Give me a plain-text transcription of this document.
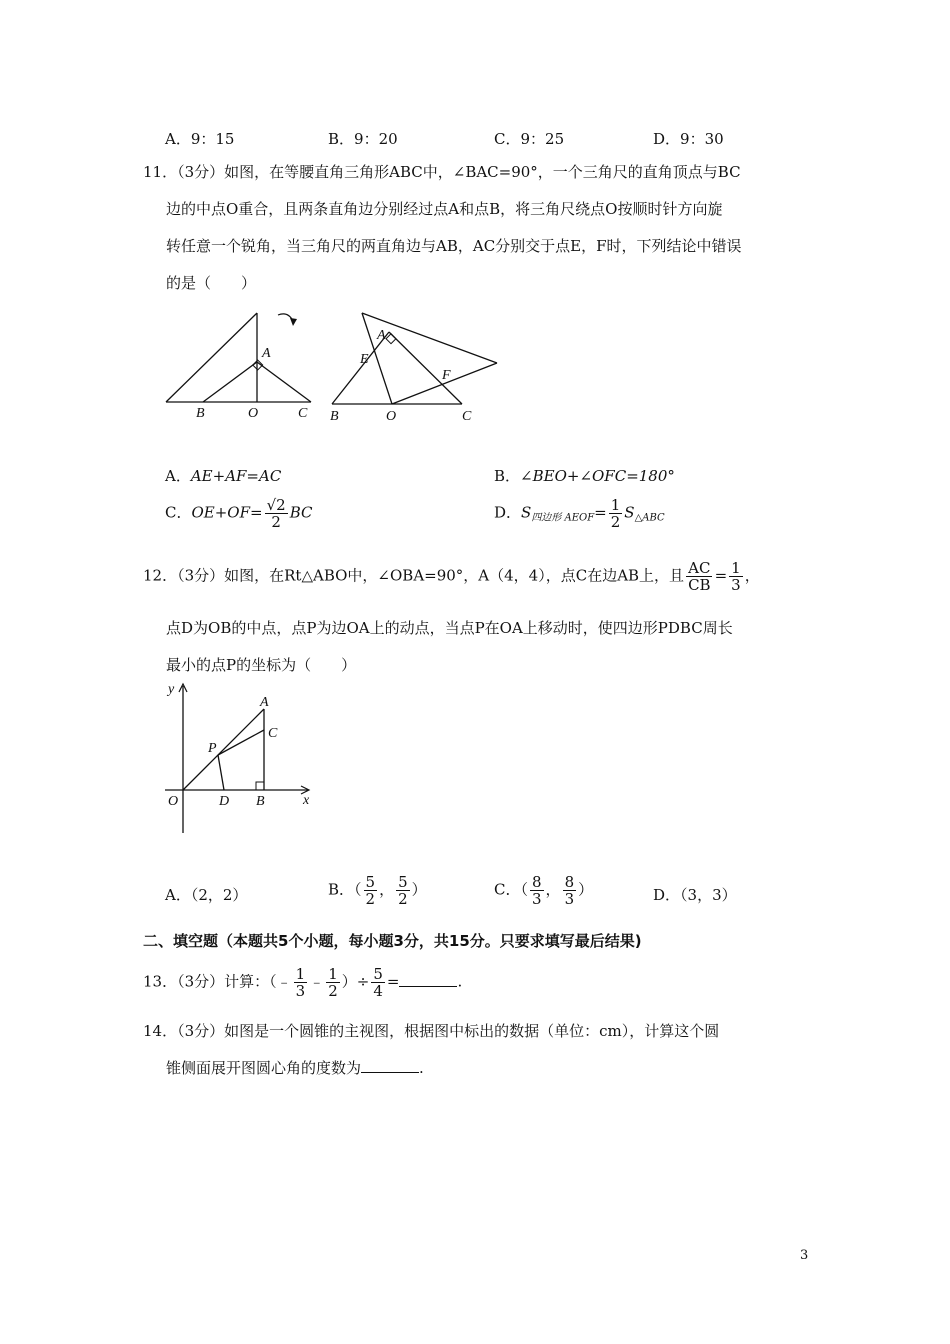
A．9：15	B．9：20	C．9：25	D．9：30
11．（3分）如图，在等腰直角三角形ABC中，∠BAC=90°，一个三角尺的直角顶点与BC
边的中点O重合，且两条直角边分别经过点A和点B，将三角尺绕点O按顺时针方向旋
转任意一个锐角，当三角尺的两直角边与AB，AC分别交于点E，F时，下列结论中错误
的是（　　）
A
B	O	C
A
E
F
B	O	C
A．AE+AF=AC	B．∠BEO+∠OFC=180°
C．$OE+OF= \frac{√2}{2}$ BC	D．$S_{四边形 AEOF}= \frac{1}{2} S_{\triangle ABC}$
12．（3分）如图，在Rt△ABO中，∠OBA=90°，A（4，4），点C在边AB上，且 $\frac{AC}{CB} = \frac{1}{3}$ ，
点D为OB的中点，点P为边OA上的动点，当点P在OA上移动时，使四边形PDBC周长
最小的点P的坐标为（　　）
y
A
C
P
O	D B	x
A．（2，2）	B．（ $\frac{5}{2}$ ， $\frac{5}{2}$ ）	C．（ $\frac{8}{3}$ ， $\frac{8}{3}$ ）	D．（3，3）
二、填空题（本题共5个小题，每小题3分，共15分。只要求填写最后结果)
13．（3分）计算：（﹣ $\frac{1}{3}$ ﹣ $\frac{1}{2}$ ）÷ $\frac{5}{4}$ =	.
14．（3分）如图是一个圆锥的主视图，根据图中标出的数据（单位：cm），计算这个圆
锥侧面展开图圆心角的度数为	.
3
